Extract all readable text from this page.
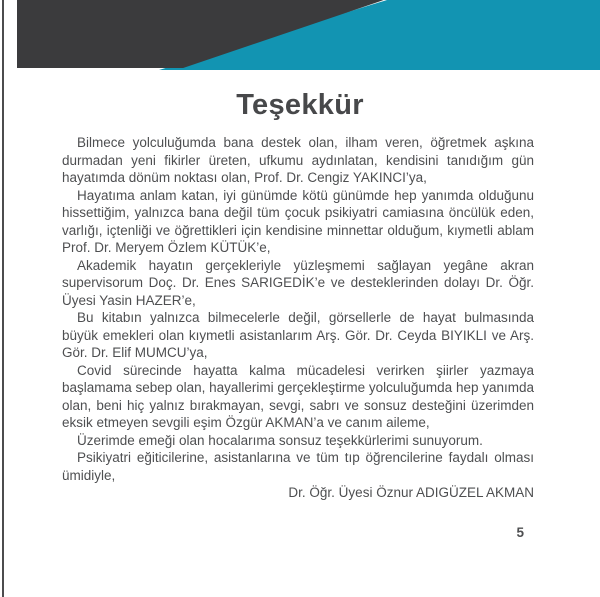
Teşekkür

Bilmece yolculuğumda bana destek olan, ilham veren, öğretmek aşkına durmadan yeni fikirler üreten, ufkumu aydınlatan, kendisini tanıdığım gün hayatımda dönüm noktası olan, Prof. Dr. Cengiz YAKINCI’ya,

Hayatıma anlam katan, iyi günümde kötü günümde hep yanımda olduğunu hissettiğim, yalnızca bana değil tüm çocuk psikiyatri camiasına öncülük eden, varlığı, içtenliği ve öğrettikleri için kendisine minnettar olduğum, kıymetli ablam Prof. Dr. Meryem Özlem KÜTÜK’e,

Akademik hayatın gerçekleriyle yüzleşmemi sağlayan yegâne akran supervisorum Doç. Dr. Enes SARIGEDİK’e ve desteklerinden dolayı Dr. Öğr. Üyesi Yasin HAZER’e,

Bu kitabın yalnızca bilmecelerle değil, görsellerle de hayat bulmasında büyük emekleri olan kıymetli asistanlarım Arş. Gör. Dr. Ceyda BIYIKLI ve Arş. Gör. Dr. Elif MUMCU’ya,

Covid sürecinde hayatta kalma mücadelesi verirken şiirler yazmaya başlamama sebep olan, hayallerimi gerçekleştirme yolculuğumda hep yanımda olan, beni hiç yalnız bırakmayan, sevgi, sabrı ve sonsuz desteğini üzerimden eksik etmeyen sevgili eşim Özgür AKMAN’a ve canım aileme,

Üzerimde emeği olan hocalarıma sonsuz teşekkürlerimi sunuyorum.

Psikiyatri eğiticilerine, asistanlarına ve tüm tıp öğrencilerine faydalı olması ümidiyle,

Dr. Öğr. Üyesi Öznur ADIGÜZEL AKMAN

5
